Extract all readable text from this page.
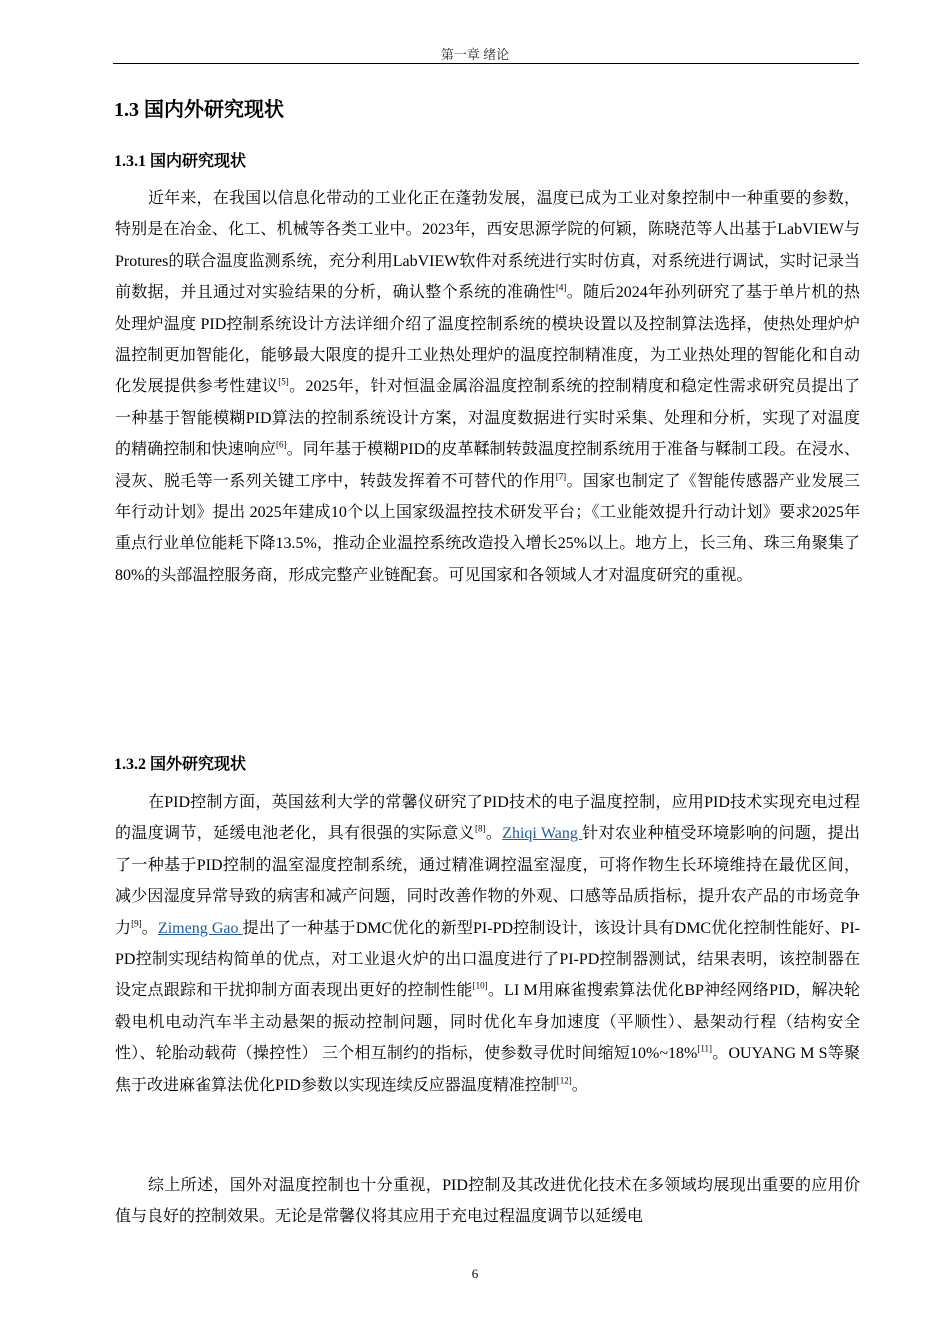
第一章 绪论
1.3 国内外研究现状
1.3.1 国内研究现状

近年来，在我国以信息化带动的工业化正在蓬勃发展，温度已成为工业对象控制中一种重要的参数，特别是在冶金、化工、机械等各类工业中。2023年，西安思源学院的何颖，陈晓范等人出基于LabVIEW与Protures的联合温度监测系统，充分利用LabVIEW软件对系统进行实时仿真，对系统进行调试，实时记录当前数据，并且通过对实验结果的分析，确认整个系统的准确性[4]。随后2024年孙列研究了基于单片机的热处理炉温度 PID控制系统设计方法详细介绍了温度控制系统的模块设置以及控制算法选择，使热处理炉炉温控制更加智能化，能够最大限度的提升工业热处理炉的温度控制精准度，为工业热处理的智能化和自动化发展提供参考性建议[5]。2025年，针对恒温金属浴温度控制系统的控制精度和稳定性需求研究员提出了一种基于智能模糊PID算法的控制系统设计方案，对温度数据进行实时采集、处理和分析，实现了对温度的精确控制和快速响应[6]。同年基于模糊PID的皮革鞣制转鼓温度控制系统用于准备与鞣制工段。在浸水、浸灰、脱毛等一系列关键工序中，转鼓发挥着不可替代的作用[7]。国家也制定了《智能传感器产业发展三年行动计划》提出 2025年建成10个以上国家级温控技术研发平台；《工业能效提升行动计划》要求2025年重点行业单位能耗下降13.5%，推动企业温控系统改造投入增长25%以上。地方上，长三角、珠三角聚集了80%的头部温控服务商，形成完整产业链配套。可见国家和各领域人才对温度研究的重视。

1.3.2 国外研究现状

在PID控制方面，英国兹利大学的常馨仪研究了PID技术的电子温度控制，应用PID技术实现充电过程的温度调节，延缓电池老化，具有很强的实际意义[8]。Zhiqi Wang 针对农业种植受环境影响的问题，提出了一种基于PID控制的温室湿度控制系统，通过精准调控温室湿度，可将作物生长环境维持在最优区间，减少因湿度异常导致的病害和减产问题，同时改善作物的外观、口感等品质指标，提升农产品的市场竞争力[9]。Zimeng Gao 提出了一种基于DMC优化的新型PI-PD控制设计，该设计具有DMC优化控制性能好、PI-PD控制实现结构简单的优点，对工业退火炉的出口温度进行了PI-PD控制器测试，结果表明，该控制器在设定点跟踪和干扰抑制方面表现出更好的控制性能[10]。LI M用麻雀搜索算法优化BP神经网络PID，解决轮毂电机电动汽车半主动悬架的振动控制问题，同时优化车身加速度（平顺性）、悬架动行程（结构安全性）、轮胎动载荷（操控性） 三个相互制约的指标，使参数寻优时间缩短10%~18%[11]。OUYANG M S等聚焦于改进麻雀算法优化PID参数以实现连续反应器温度精准控制[12]。

综上所述，国外对温度控制也十分重视，PID控制及其改进优化技术在多领域均展现出重要的应用价值与良好的控制效果。无论是常馨仪将其应用于充电过程温度调节以延缓电

6
